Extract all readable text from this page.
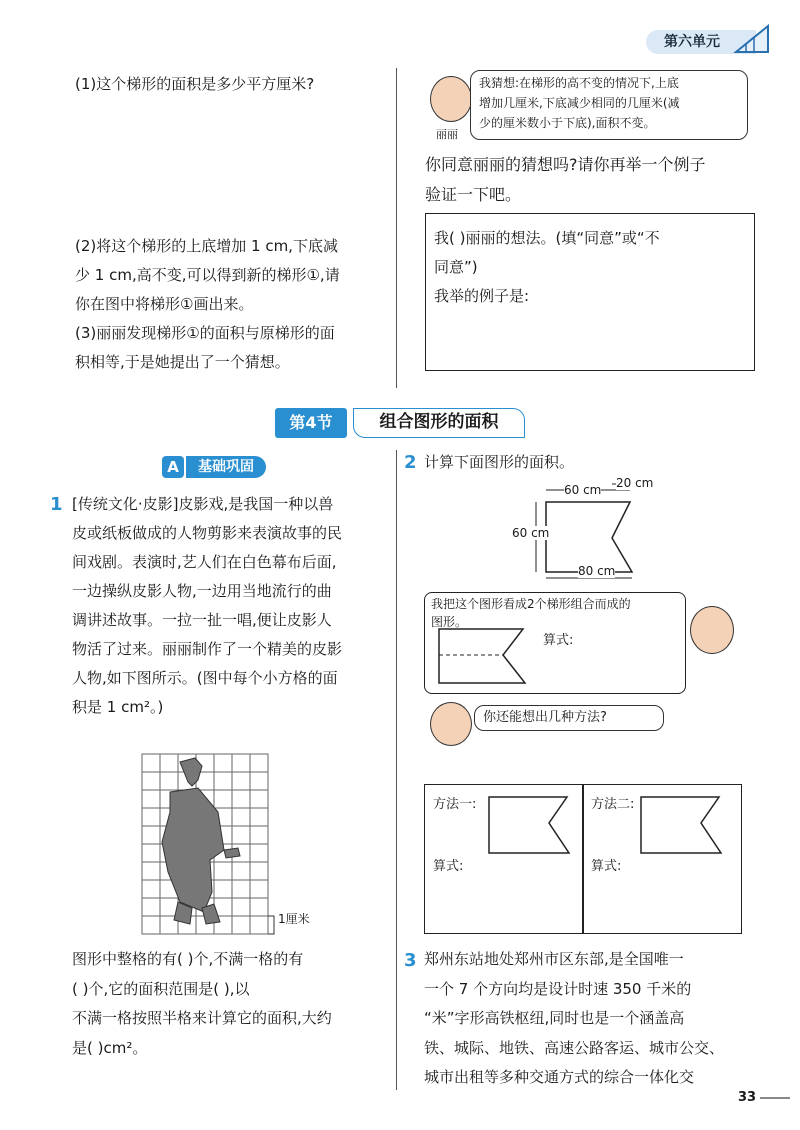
第六单元
(1)这个梯形的面积是多少平方厘米?
(2)将这个梯形的上底增加 1 cm,下底减
少 1 cm,高不变,可以得到新的梯形①,请
你在图中将梯形①画出来。
(3)丽丽发现梯形①的面积与原梯形的面
积相等,于是她提出了一个猜想。
丽丽
我猜想:在梯形的高不变的情况下,上底
增加几厘米,下底减少相同的几厘米(减
少的厘米数小于下底),面积不变。
你同意丽丽的猜想吗?请你再举一个例子
验证一下吧。
我( )丽丽的想法。(填“同意”或“不
同意”)
我举的例子是:
第4节	组合图形的面积
A	基础巩固
1 [传统文化·皮影]皮影戏,是我国一种以兽
皮或纸板做成的人物剪影来表演故事的民
间戏剧。表演时,艺人们在白色幕布后面,
一边操纵皮影人物,一边用当地流行的曲
调讲述故事。一拉一扯一唱,便让皮影人
物活了过来。丽丽制作了一个精美的皮影
人物,如下图所示。(图中每个小方格的面
积是 1 cm²。)
1厘米
图形中整格的有( )个,不满一格的有
( )个,它的面积范围是( ),以
不满一格按照半格来计算它的面积,大约
是( )cm²。
2 计算下面图形的面积。
60 cm 20 cm
60 cm
80 cm
我把这个图形看成2个梯形组合而成的
图形。
算式:
你还能想出几种方法?
方法一:
算式:
方法二:
算式:
3 郑州东站地处郑州市区东部,是全国唯一
一个 7 个方向均是设计时速 350 千米的
“米”字形高铁枢纽,同时也是一个涵盖高
铁、城际、地铁、高速公路客运、城市公交、
城市出租等多种交通方式的综合一体化交
33
